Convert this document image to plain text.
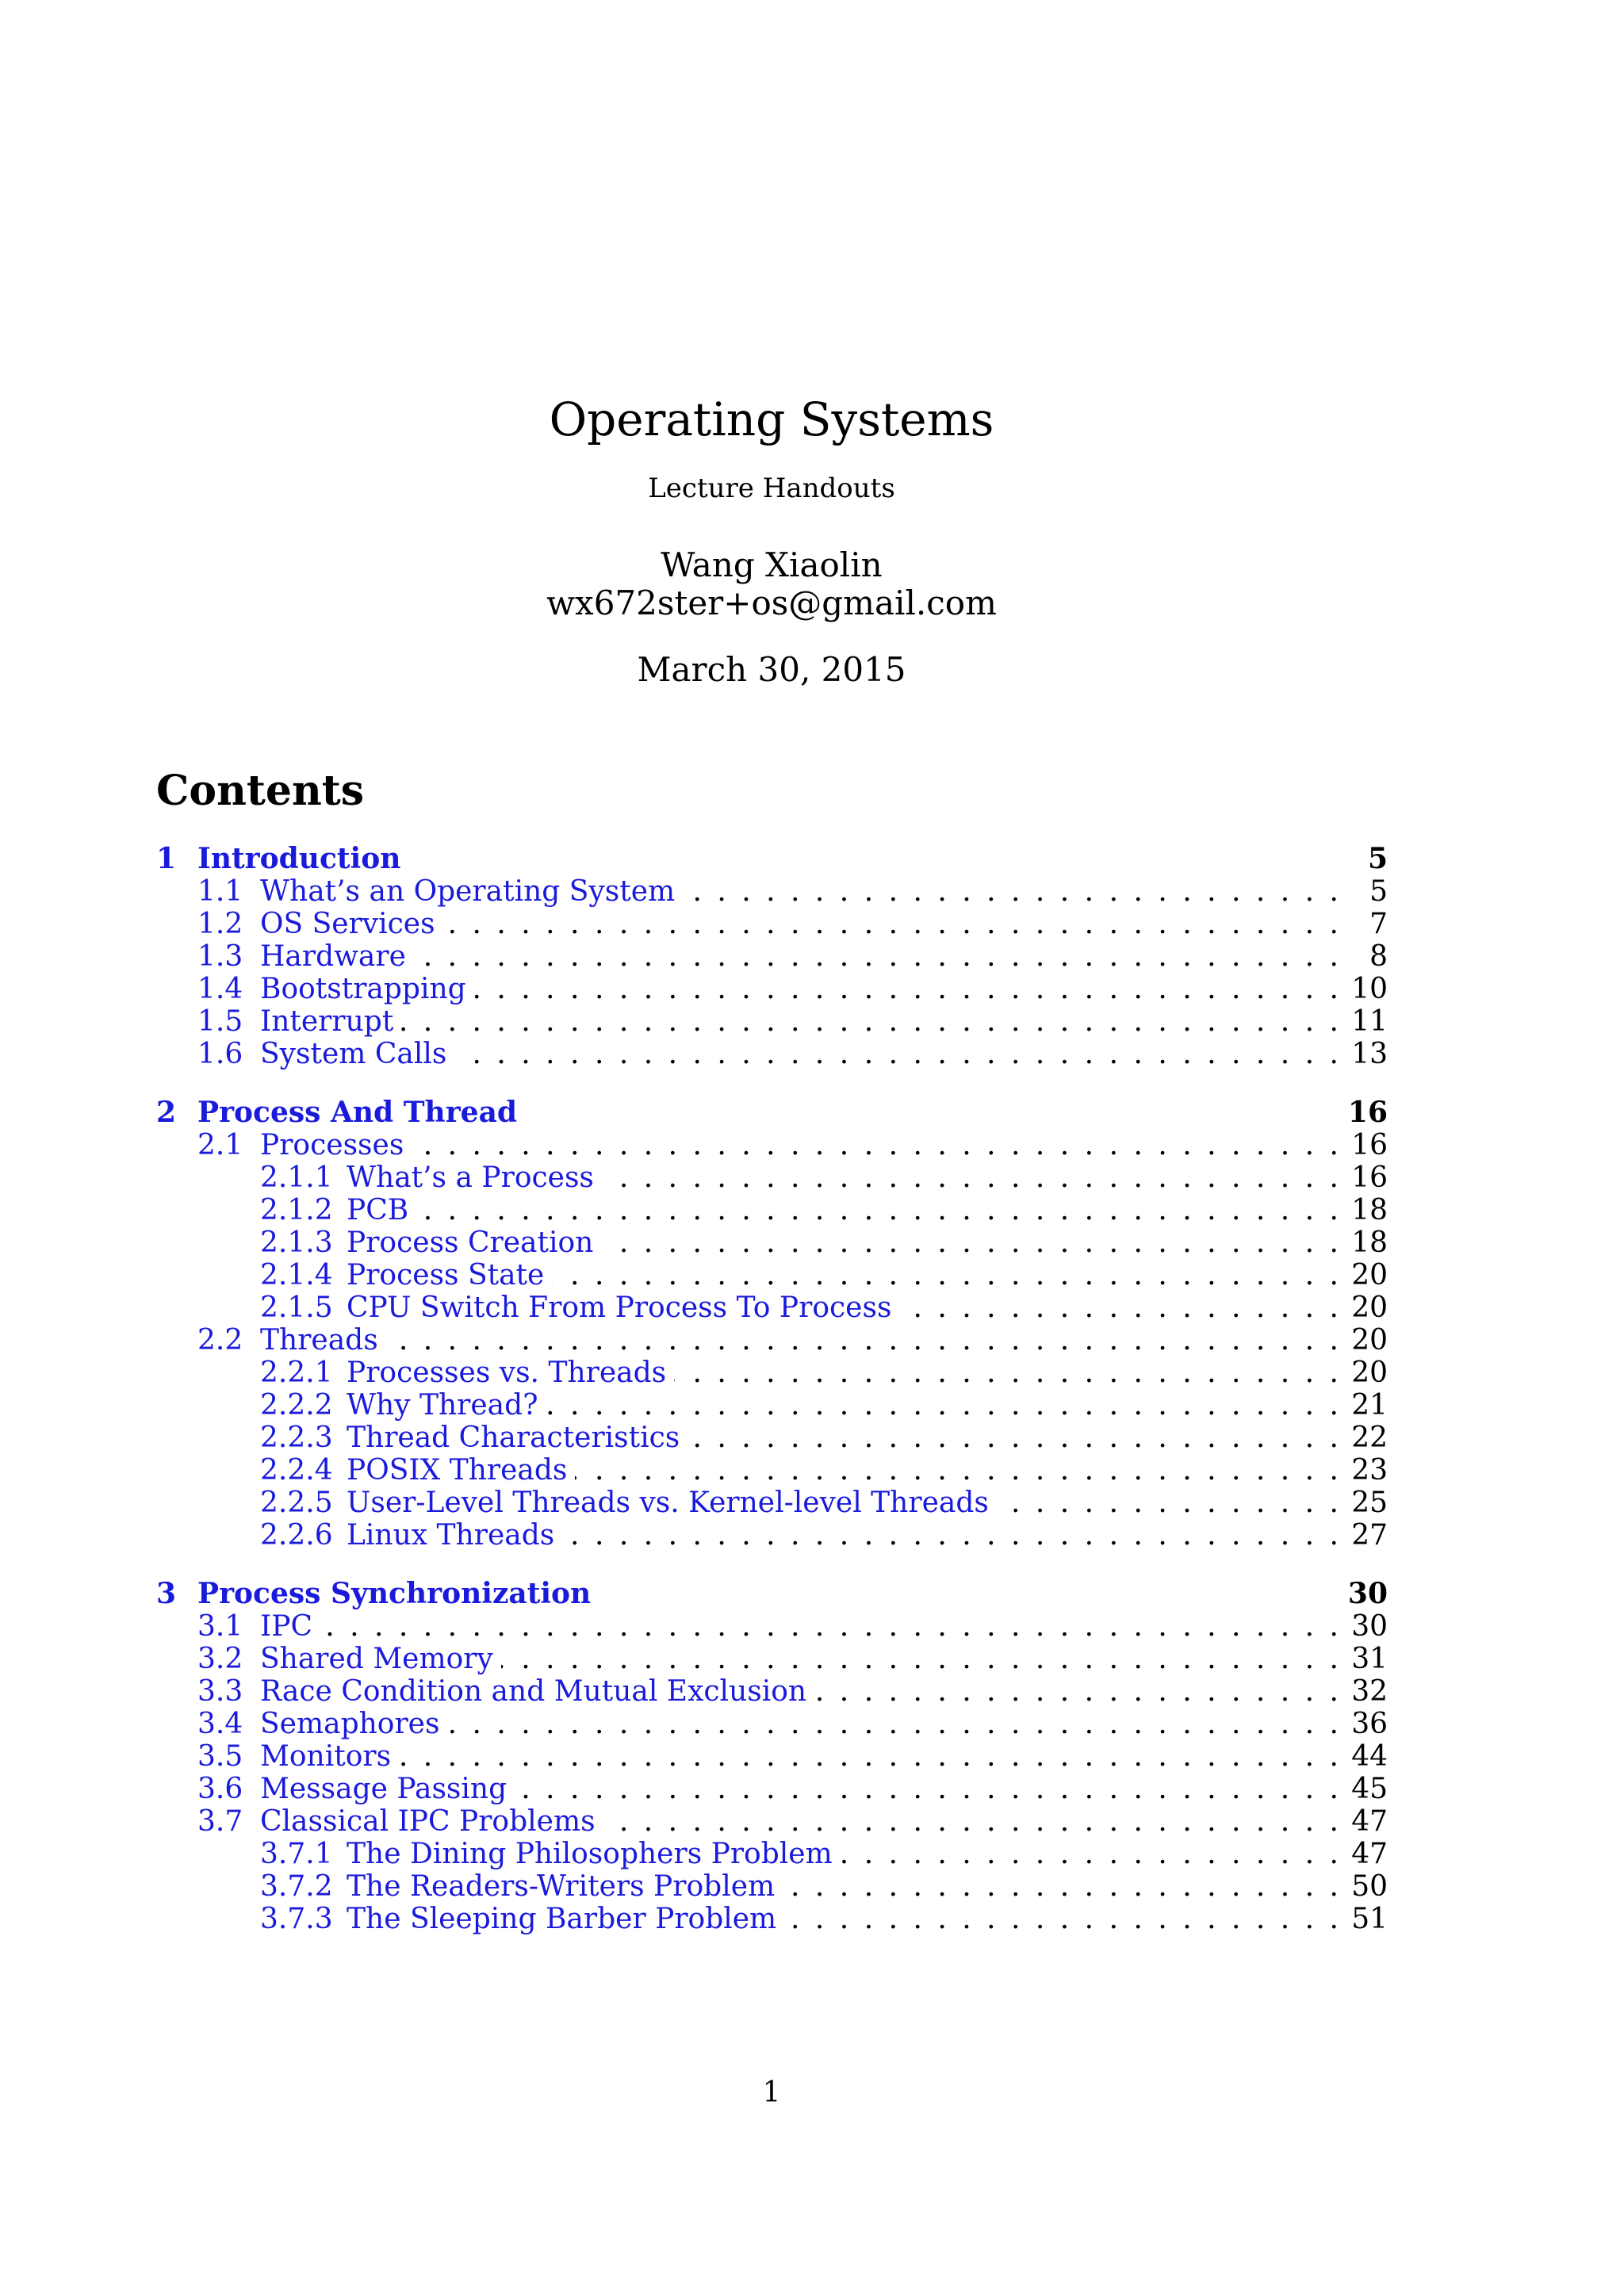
Operating Systems
Lecture Handouts
Wang Xiaolin
wx672ster+os@gmail.com
March 30, 2015
Contents
1 Introduction	5
1.1 What’s an Operating System . . .	5
1.2 OS Services . . .	7
1.3 Hardware . . .	8
1.4 Bootstrapping . . .	10
1.5 Interrupt . . .	11
1.6 System Calls . . .	13
2 Process And Thread	16
2.1 Processes . . .	16
2.1.1 What’s a Process . . .	16
2.1.2 PCB . . .	18
2.1.3 Process Creation . . .	18
2.1.4 Process State . . .	20
2.1.5 CPU Switch From Process To Process . . .	20
2.2 Threads . . .	20
2.2.1 Processes vs. Threads . . .	20
2.2.2 Why Thread? . . .	21
2.2.3 Thread Characteristics . . .	22
2.2.4 POSIX Threads . . .	23
2.2.5 User-Level Threads vs. Kernel-level Threads . . .	25
2.2.6 Linux Threads . . .	27
3 Process Synchronization	30
3.1 IPC . . .	30
3.2 Shared Memory . . .	31
3.3 Race Condition and Mutual Exclusion . . .	32
3.4 Semaphores . . .	36
3.5 Monitors . . .	44
3.6 Message Passing . . .	45
3.7 Classical IPC Problems . . .	47
3.7.1 The Dining Philosophers Problem . . .	47
3.7.2 The Readers-Writers Problem . . .	50
3.7.3 The Sleeping Barber Problem . . .	51
1
